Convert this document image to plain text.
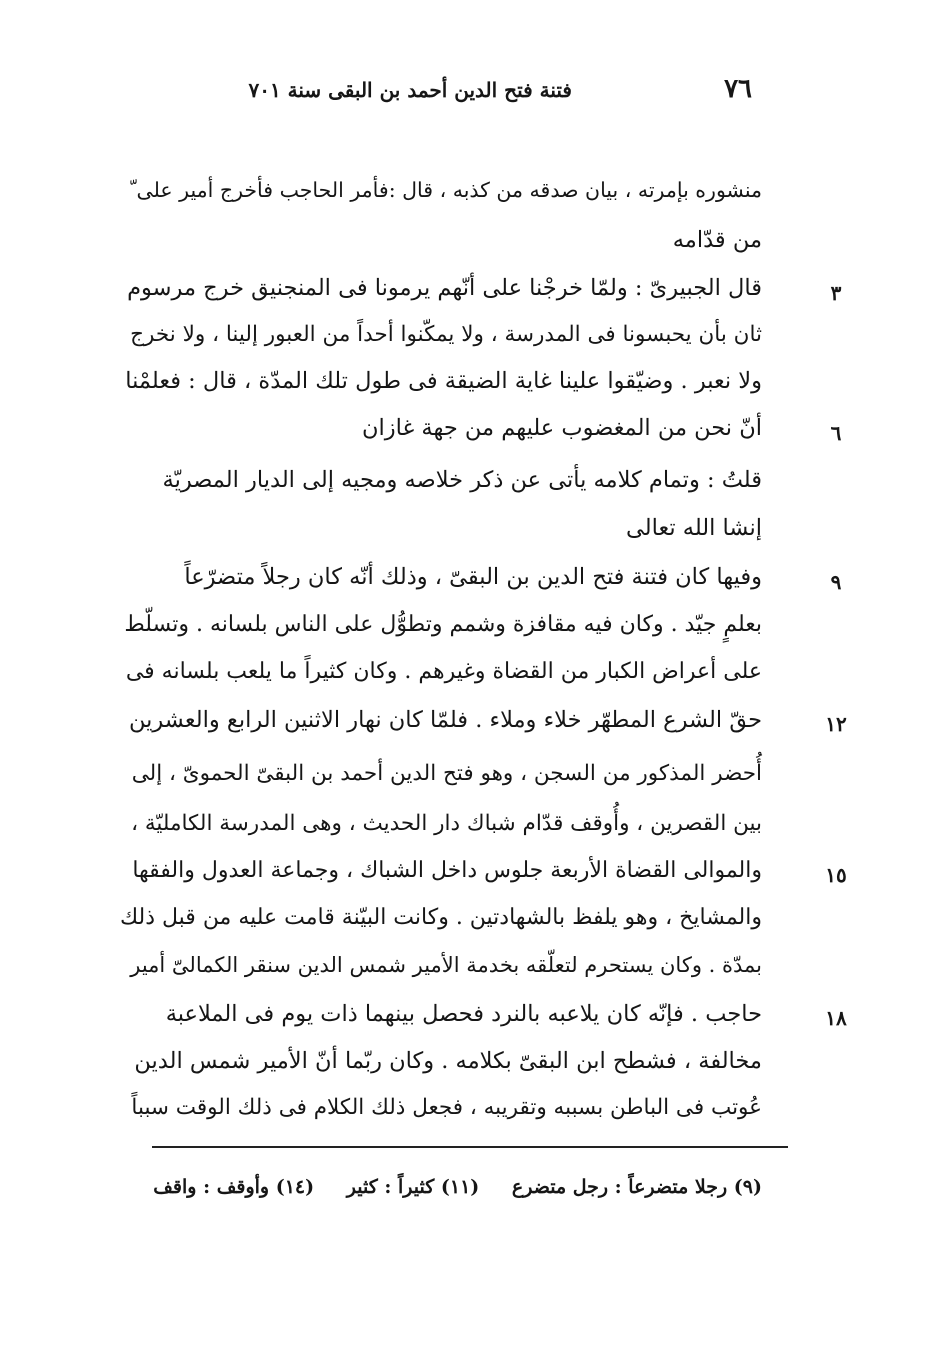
٧٦
فتنة فتح الدين أحمد بن البقى سنة ٧٠١
منشوره بإمرته ، بيان صدقه من كذبه ، قال :فأمر الحاجب فأخرج أمير على ّ
من قدّامه
قال الجبيرىّ : ولمّا خرجْنا على أنّهم يرمونا فى المنجنيق خرج مرسوم
ثان بأن يحبسونا فى المدرسة ، ولا يمكّنوا أحداً من العبور إلينا ، ولا نخرج
ولا نعبر . وضيّقوا علينا غاية الضيقة فى طول تلك المدّة ، قال : فعلمْنا
أنّ نحن من المغضوب عليهم من جهة غازان
قلتُ : وتمام كلامه يأتى عن ذكر خلاصه ومجيه إلى الديار المصريّة
إنشا الله تعالى
وفيها كان فتنة فتح الدين بن البقىّ ، وذلك أنّه كان رجلاً متضرّعاً
بعلمٍ جيّد . وكان فيه مقافزة وشمم وتطوُّل على الناس بلسانه . وتسلّط
على أعراض الكبار من القضاة وغيرهم . وكان كثيراً ما يلعب بلسانه فى
حقّ الشرع المطهّر خلاء وملاء . فلمّا كان نهار الاثنين الرابع والعشرين
أُحضر المذكور من السجن ، وهو فتح الدين أحمد بن البقىّ الحموىّ ، إلى
بين القصرين ، وأُوقف قدّام شباك دار الحديث ، وهى المدرسة الكامليّة ،
والموالى القضاة الأربعة جلوس داخل الشباك ، وجماعة العدول والفقها
والمشايخ ، وهو يلفظ بالشهادتين . وكانت البيّنة قامت عليه من قبل ذلك
بمدّة . وكان يستحرم لتعلّقه بخدمة الأمير شمس الدين سنقر الكمالىّ أمير
حاجب . فإنّه كان يلاعبه بالنرد فحصل بينهما ذات يوم فى الملاعبة
مخالفة ، فشطح ابن البقىّ بكلامه . وكان ربّما أنّ الأمير شمس الدين
عُوتب فى الباطن بسببه وتقريبه ، فجعل ذلك الكلام فى ذلك الوقت سبباً
٣
٦
٩
١٢
١٥
١٨
(٩) رجلا متضرعاً : رجل متضرع (١١) كثيراً : كثير (١٤) وأوقف : واقف
